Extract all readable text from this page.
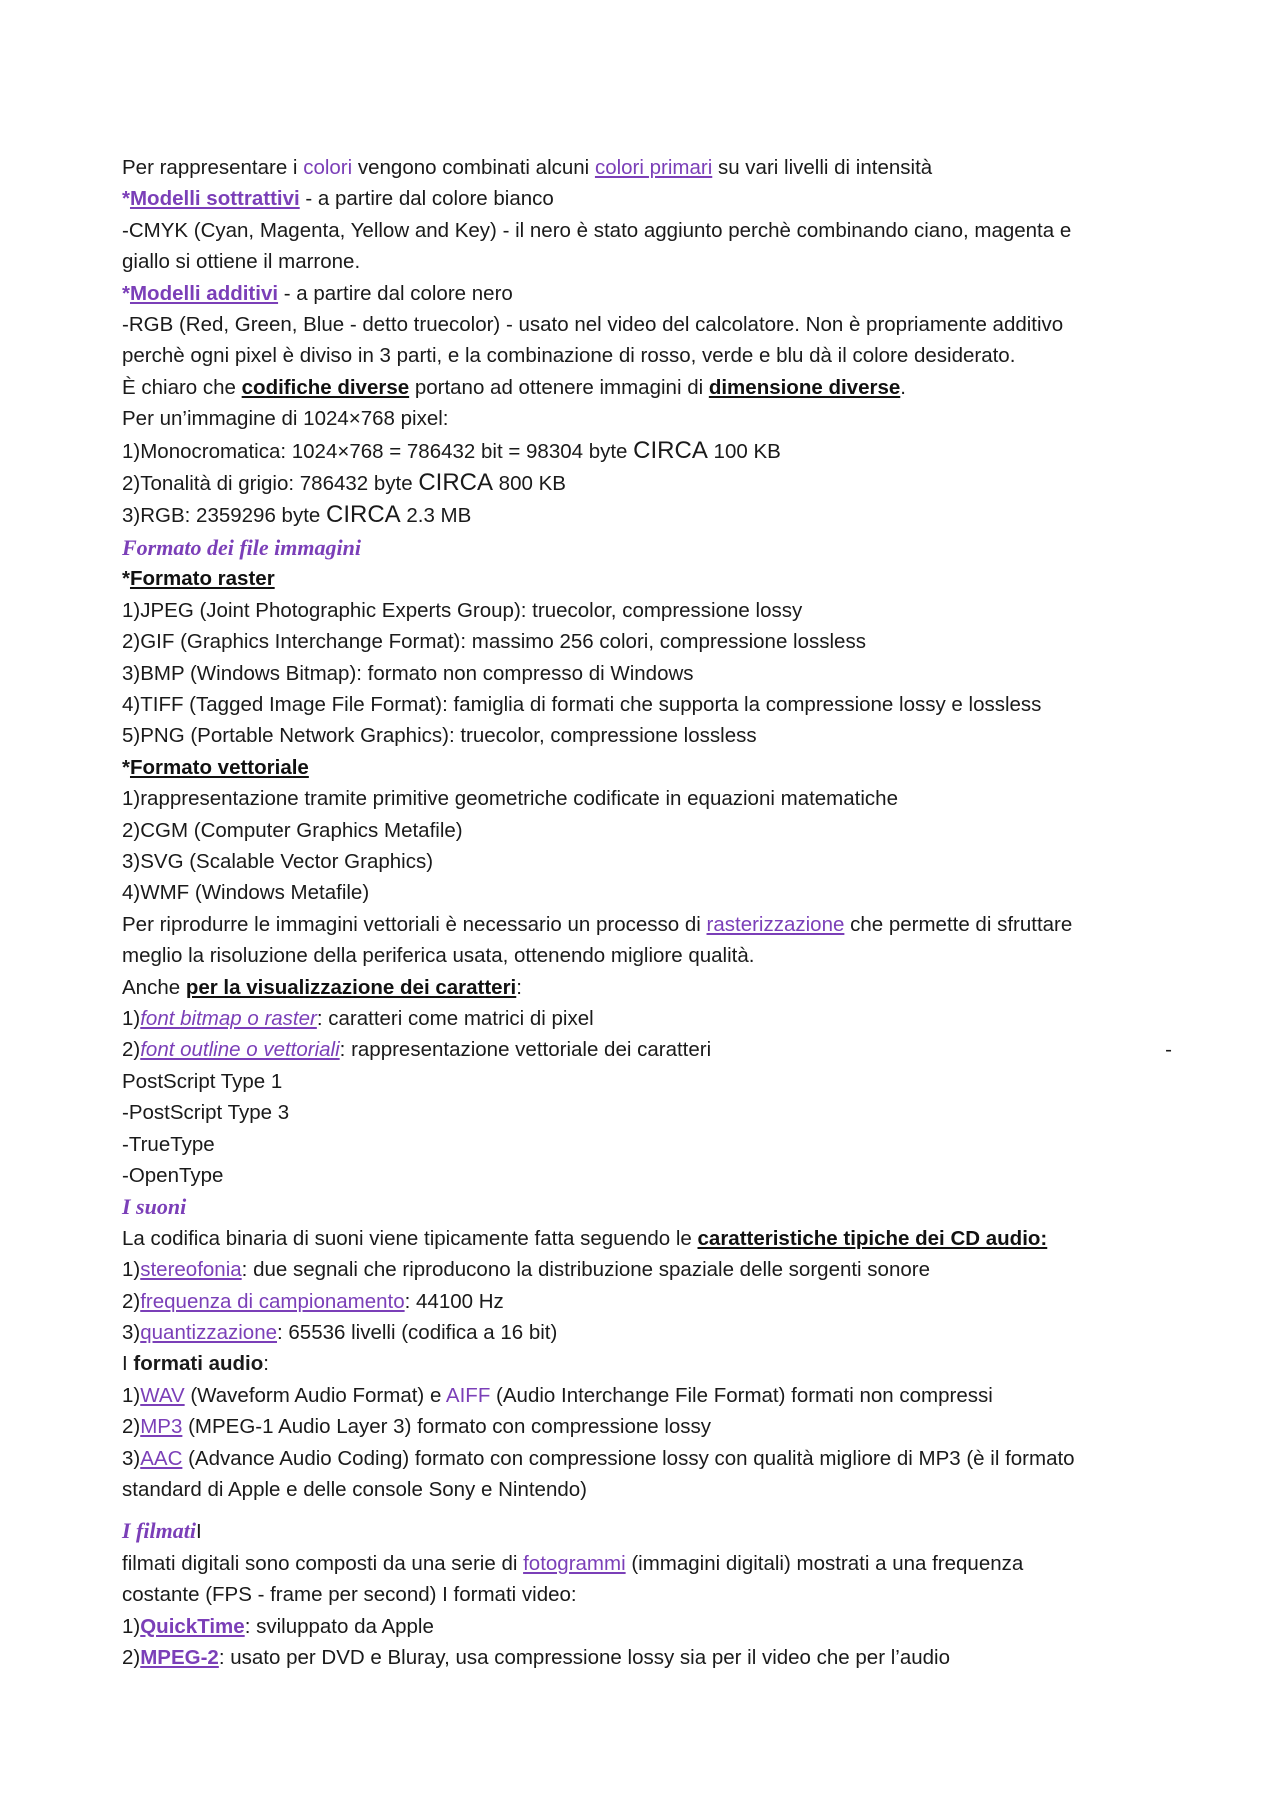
Per rappresentare i colori vengono combinati alcuni colori primari su vari livelli di intensità
*Modelli sottrattivi - a partire dal colore bianco
-CMYK (Cyan, Magenta, Yellow and Key) - il nero è stato aggiunto perchè combinando ciano, magenta e
giallo si ottiene il marrone.
*Modelli additivi - a partire dal colore nero
-RGB (Red, Green, Blue - detto truecolor) - usato nel video del calcolatore. Non è propriamente additivo
perchè ogni pixel è diviso in 3 parti, e la combinazione di rosso, verde e blu dà il colore desiderato.
È chiaro che codifiche diverse portano ad ottenere immagini di dimensione diverse.
Per un’immagine di 1024×768 pixel:
1)Monocromatica: 1024×768 = 786432 bit = 98304 byte CIRCA 100 KB
2)Tonalità di grigio: 786432 byte CIRCA 800 KB
3)RGB: 2359296 byte CIRCA 2.3 MB
Formato dei file immagini
*Formato raster
1)JPEG (Joint Photographic Experts Group): truecolor, compressione lossy
2)GIF (Graphics Interchange Format): massimo 256 colori, compressione lossless
3)BMP (Windows Bitmap): formato non compresso di Windows
4)TIFF (Tagged Image File Format): famiglia di formati che supporta la compressione lossy e lossless
5)PNG (Portable Network Graphics): truecolor, compressione lossless
*Formato vettoriale
1)rappresentazione tramite primitive geometriche codificate in equazioni matematiche
2)CGM (Computer Graphics Metafile)
3)SVG (Scalable Vector Graphics)
4)WMF (Windows Metafile)
Per riprodurre le immagini vettoriali è necessario un processo di rasterizzazione che permette di sfruttare
meglio la risoluzione della periferica usata, ottenendo migliore qualità.
Anche per la visualizzazione dei caratteri:
1)font bitmap o raster: caratteri come matrici di pixel
2)font outline o vettoriali: rappresentazione vettoriale dei caratteri	-
PostScript Type 1
-PostScript Type 3
-TrueType
-OpenType
I suoni
La codifica binaria di suoni viene tipicamente fatta seguendo le caratteristiche tipiche dei CD audio:
1)stereofonia: due segnali che riproducono la distribuzione spaziale delle sorgenti sonore
2)frequenza di campionamento: 44100 Hz
3)quantizzazione: 65536 livelli (codifica a 16 bit)
I formati audio:
1)WAV (Waveform Audio Format) e AIFF (Audio Interchange File Format) formati non compressi
2)MP3 (MPEG-1 Audio Layer 3) formato con compressione lossy
3)AAC (Advance Audio Coding) formato con compressione lossy con qualità migliore di MP3 (è il formato
standard di Apple e delle console Sony e Nintendo)
I filmatiI
filmati digitali sono composti da una serie di fotogrammi (immagini digitali) mostrati a una frequenza
costante (FPS - frame per second) I formati video:
1)QuickTime: sviluppato da Apple
2)MPEG-2: usato per DVD e Bluray, usa compressione lossy sia per il video che per l’audio
